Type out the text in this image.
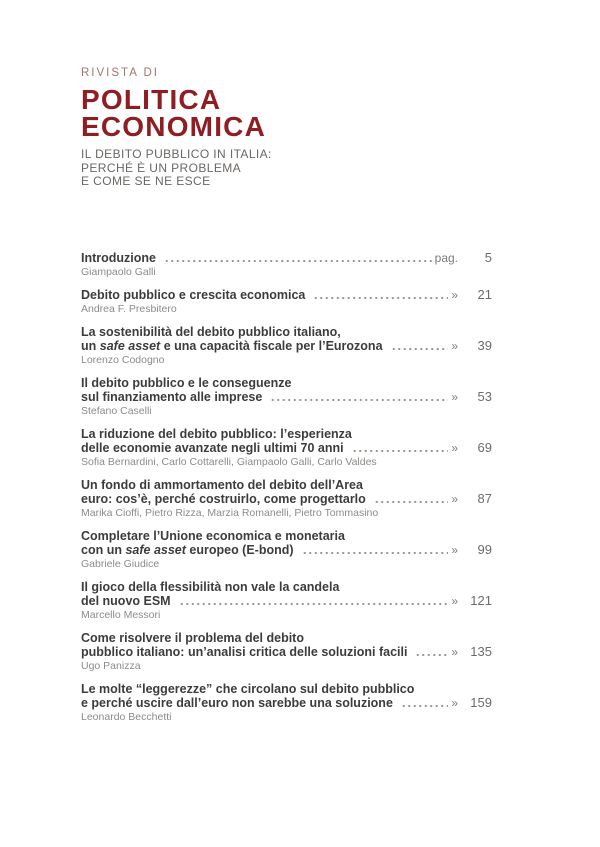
RIVISTA DI
POLITICA
ECONOMICA
IL DEBITO PUBBLICO IN ITALIA:
PERCHÉ È UN PROBLEMA
E COME SE NE ESCE
Introduzione	pag.	5
Giampaolo Galli
Debito pubblico e crescita economica	»	21
Andrea F. Presbitero
La sostenibilità del debito pubblico italiano,
un safe asset e una capacità fiscale per l’Eurozona	»	39
Lorenzo Codogno
Il debito pubblico e le conseguenze
sul finanziamento alle imprese	»	53
Stefano Caselli
La riduzione del debito pubblico: l’esperienza
delle economie avanzate negli ultimi 70 anni	»	69
Sofia Bernardini, Carlo Cottarelli, Giampaolo Galli, Carlo Valdes
Un fondo di ammortamento del debito dell’Area
euro: cos’è, perché costruirlo, come progettarlo	»	87
Marika Cioffi, Pietro Rizza, Marzia Romanelli, Pietro Tommasino
Completare l’Unione economica e monetaria
con un safe asset europeo (E-bond)	»	99
Gabriele Giudice
Il gioco della flessibilità non vale la candela
del nuovo ESM	» 121
Marcello Messori
Come risolvere il problema del debito
pubblico italiano: un’analisi critica delle soluzioni facili	» 135
Ugo Panizza
Le molte “leggerezze” che circolano sul debito pubblico
e perché uscire dall’euro non sarebbe una soluzione	» 159
Leonardo Becchetti
